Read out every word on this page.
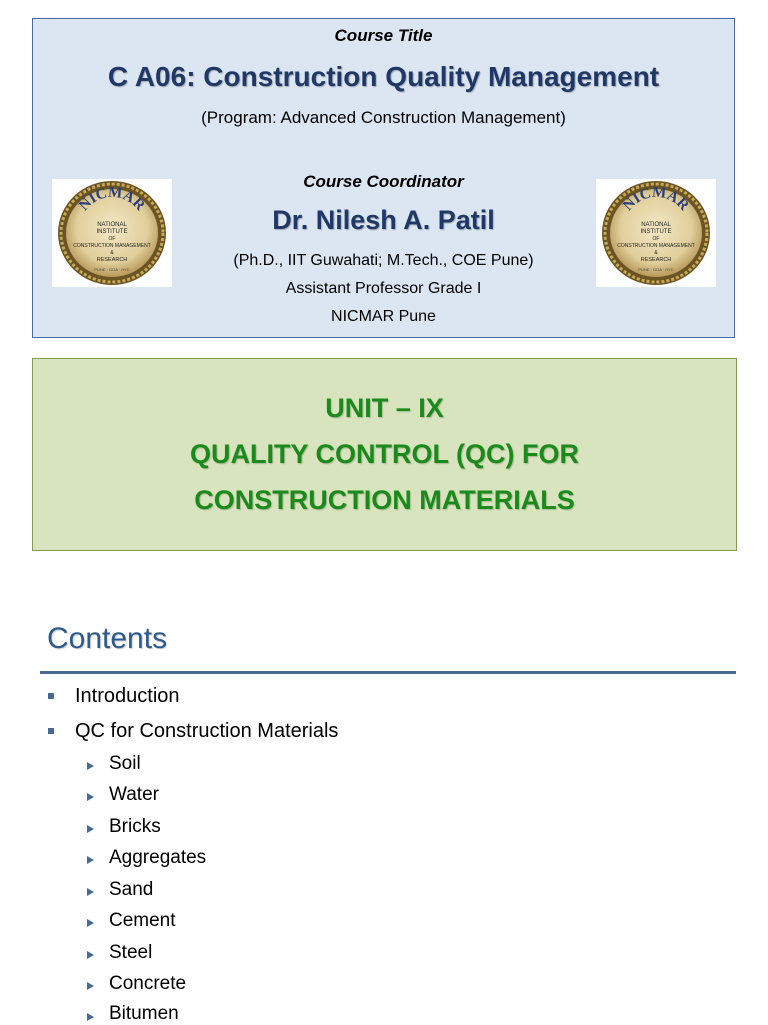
Course Title
C A06: Construction Quality Management
(Program: Advanced Construction Management)
Course Coordinator
Dr. Nilesh A. Patil
(Ph.D., IIT Guwahati; M.Tech., COE Pune)
Assistant Professor Grade I
NICMAR Pune
NICMAR
NATIONAL
INSTITUTE
OF
CONSTRUCTION MANAGEMENT
&
RESEARCH
PUNE · GOA · HYD
NICMAR
NATIONAL
INSTITUTE
OF
CONSTRUCTION MANAGEMENT
&
RESEARCH
PUNE · GOA · HYD
UNIT – IX
QUALITY CONTROL (QC) FOR
CONSTRUCTION MATERIALS
Contents
Introduction
QC for Construction Materials
Soil
Water
Bricks
Aggregates
Sand
Cement
Steel
Concrete
Bitumen
